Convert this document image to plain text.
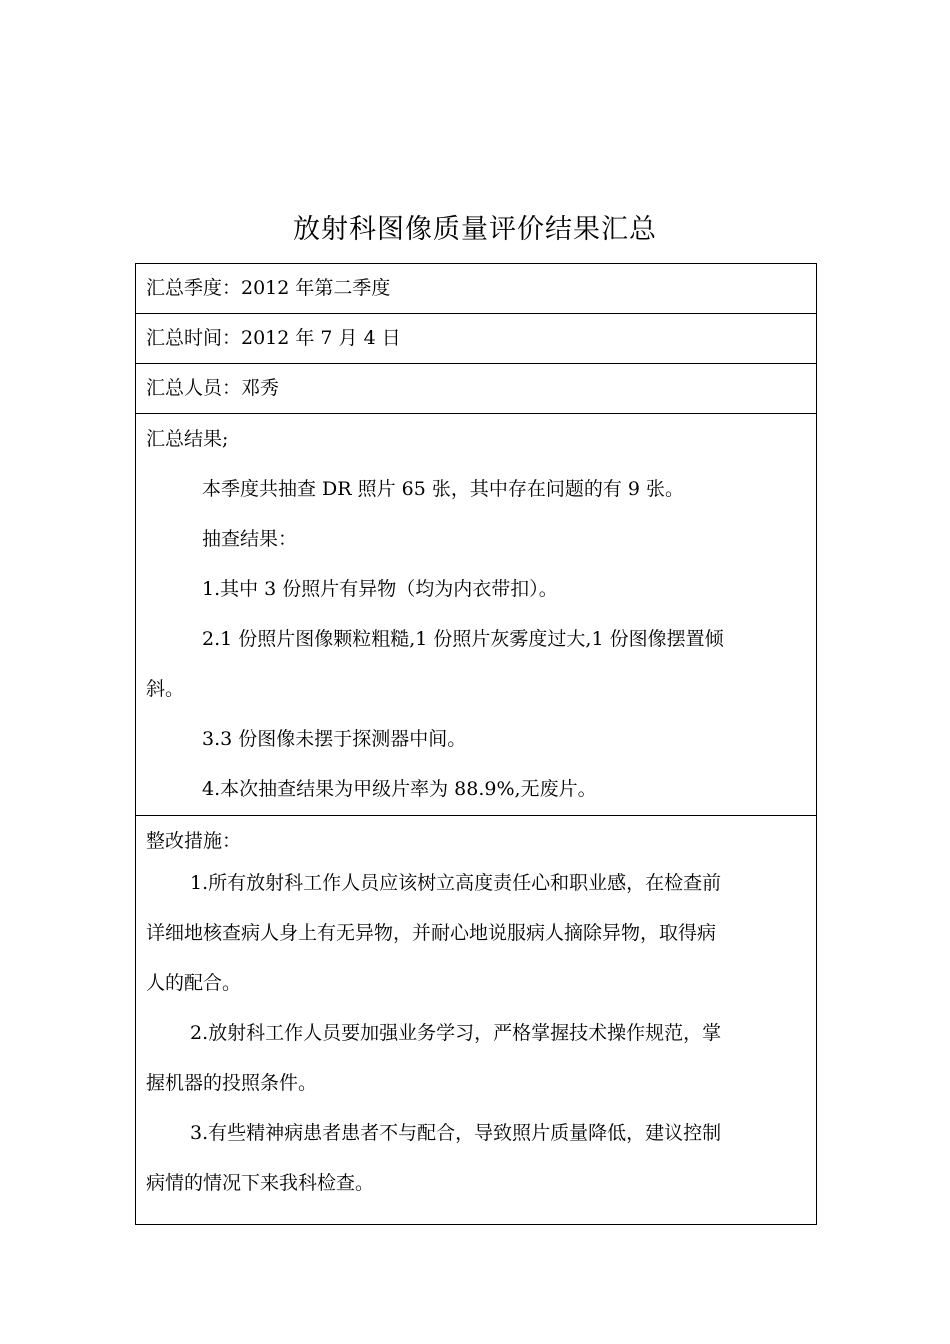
放射科图像质量评价结果汇总
汇总季度：2012 年第二季度
汇总时间：2012 年 7 月 4 日
汇总人员：邓秀
汇总结果;
本季度共抽查 DR 照片 65 张，其中存在问题的有 9 张。
抽查结果：
1.其中 3 份照片有异物（均为内衣带扣）。
2.1 份照片图像颗粒粗糙,1 份照片灰雾度过大,1 份图像摆置倾
斜。
3.3 份图像未摆于探测器中间。
4.本次抽查结果为甲级片率为 88.9%,无废片。
整改措施：
1.所有放射科工作人员应该树立高度责任心和职业感，在检查前
详细地核查病人身上有无异物，并耐心地说服病人摘除异物，取得病
人的配合。
2.放射科工作人员要加强业务学习，严格掌握技术操作规范，掌
握机器的投照条件。
3.有些精神病患者患者不与配合，导致照片质量降低，建议控制
病情的情况下来我科检查。
